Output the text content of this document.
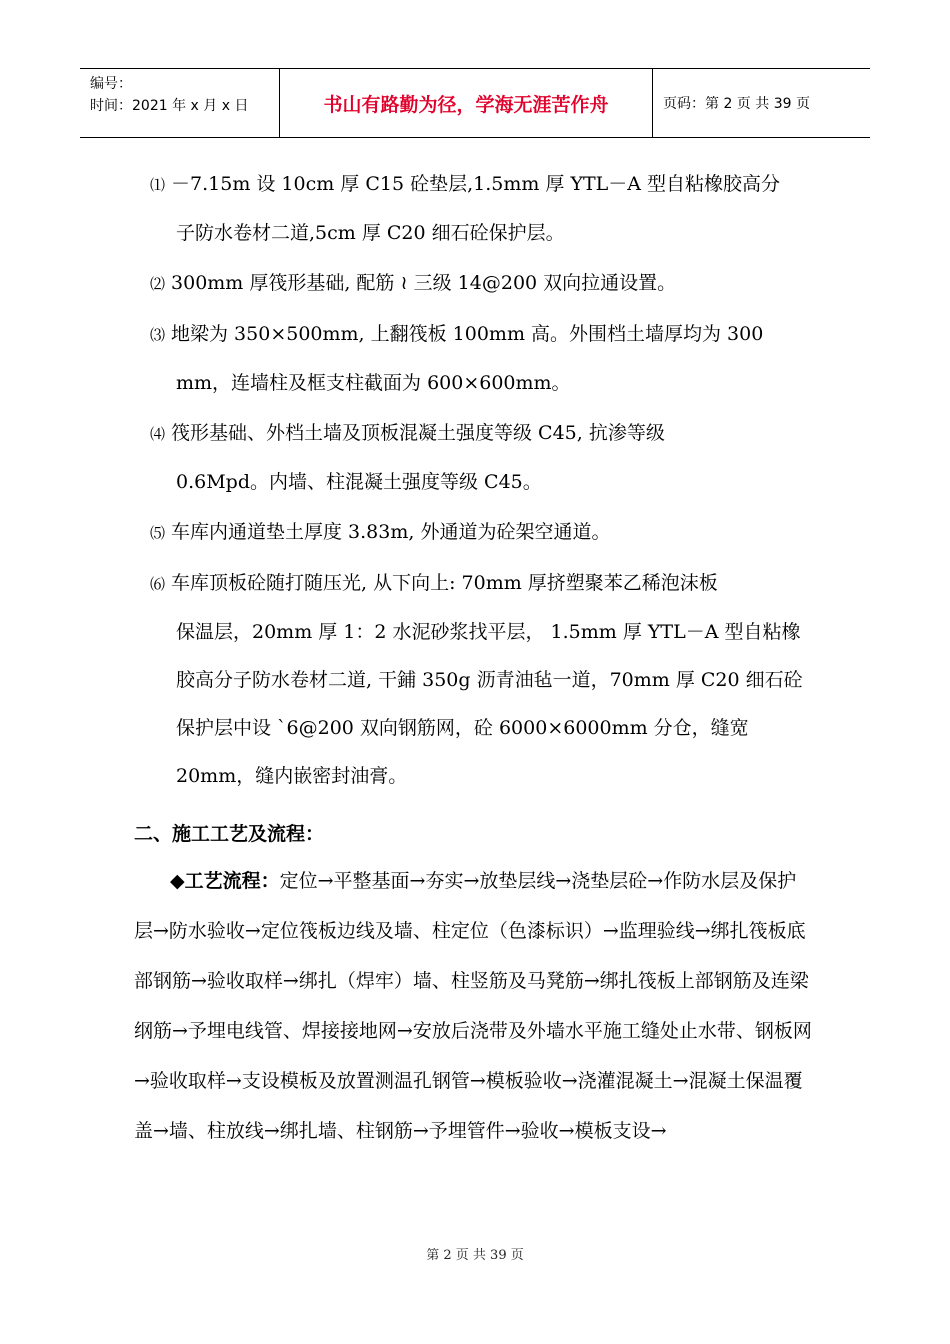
编号：
时间：2021 年 x 月 x 日	书山有路勤为径，学海无涯苦作舟	页码：第 2 页 共 39 页
⑴ －7.15m 设 10cm 厚 C15 砼垫层,1.5mm 厚 YTL－A 型自粘橡胶高分
子防水卷材二道,5cm 厚 C20 细石砼保护层。
⑵ 300mm 厚筏形基础, 配筋 ≀ 三级 14@200 双向拉通设置。
⑶ 地梁为 350×500mm, 上翻筏板 100mm 高。外围档土墙厚均为 300
mm，连墙柱及框支柱截面为 600×600mm。
⑷ 筏形基础、外档土墙及顶板混凝土强度等级 C45, 抗渗等级
0.6Mpd。内墙、柱混凝土强度等级 C45。
⑸ 车库内通道垫土厚度 3.83m, 外通道为砼架空通道。
⑹ 车库顶板砼随打随压光, 从下向上: 70mm 厚挤塑聚苯乙稀泡沫板
保温层，20mm 厚 1：2 水泥砂浆找平层， 1.5mm 厚 YTL－A 型自粘橡胶高分子防水卷材二道, 干鋪 350g 沥青油毡一道，70mm 厚 C20 细石砼保护层中设 ˋ6@200 双向钢筋网，砼 6000×6000mm 分仓，缝宽 20mm，缝内嵌密封油膏。
二、施工工艺及流程：

◆工艺流程：定位→平整基面→夯实→放垫层线→浇垫层砼→作防水层及保护层→防水验收→定位筏板边线及墙、柱定位（色漆标识）→监理验线→绑扎筏板底部钢筋→验收取样→绑扎（焊牢）墙、柱竖筋及马凳筋→绑扎筏板上部钢筋及连梁纲筋→予埋电线管、焊接接地网→安放后浇带及外墙水平施工缝处止水带、钢板网→验收取样→支设模板及放置测温孔钢管→模板验收→浇灌混凝土→混凝土保温覆盖→墙、柱放线→绑扎墙、柱钢筋→予埋管件→验收→模板支设→

第 2 页 共 39 页
